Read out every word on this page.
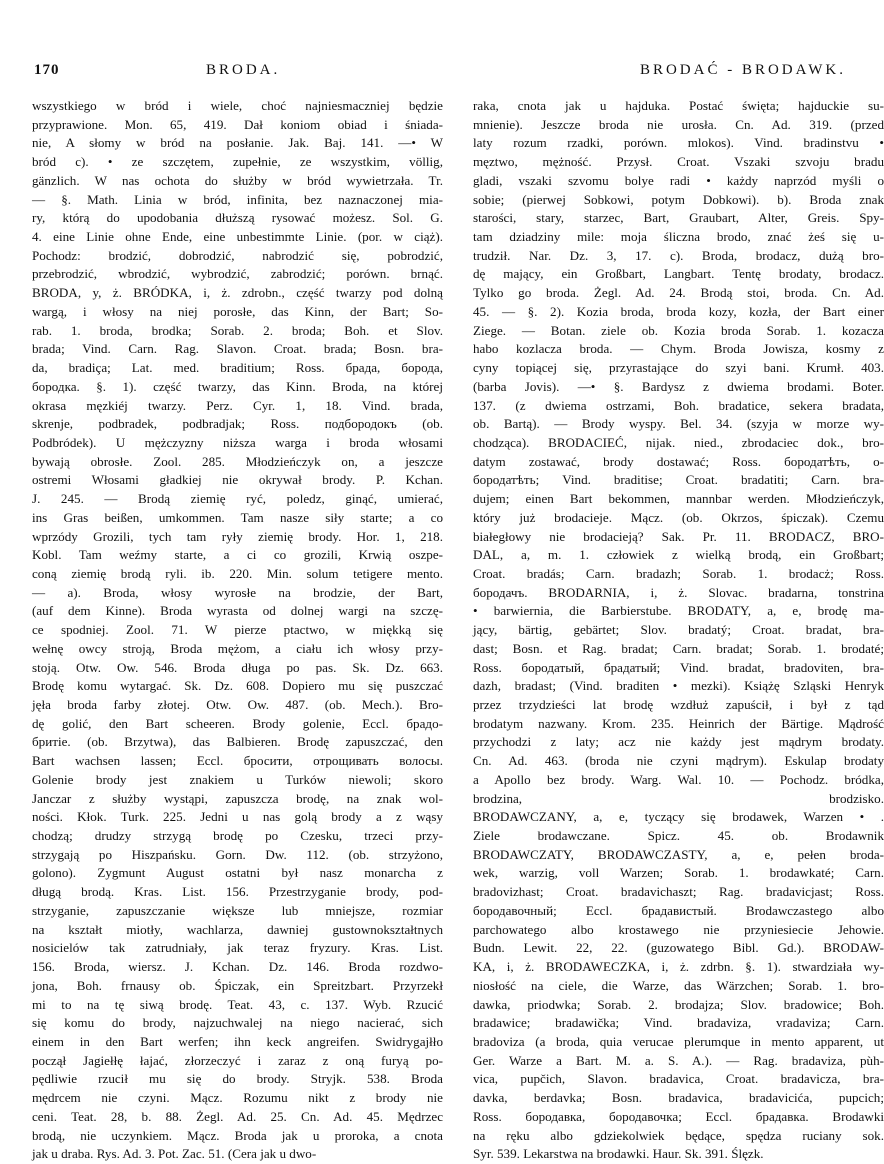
170	BRODA.	BRODAĆ - BRODAWK.
wszystkiego w bród i wiele, choć najniesmaczniej będzie
przyprawione. Mon. 65, 419. Dał koniom obiad i śniada-
nie, A słomy w bród na posłanie. Jak. Baj. 141. —• W
bród c). • ze szczętem, zupełnie, ze wszystkim, völlig,
gänzlich. W nas ochota do służby w bród wywietrzała. Tr.
— §. Math. Linia w bród, infinita, bez naznaczonej mia-
ry, którą do upodobania dłuższą rysować możesz. Sol. G.
4. eine Linie ohne Ende, eine unbestimmte Linie. (por. w ciąż).
Pochodz: brodzić, dobrodzić, nabrodzić się, pobrodzić,
przebrodzić, wbrodzić, wybrodzić, zabrodzić; porówn. brnąć.
BRODA, y, ż. BRÓDKA, i, ż. zdrobn., część twarzy pod dolną
wargą, i włosy na niej porosłe, das Kinn, der Bart; So-
rab. 1. broda, brodka; Sorab. 2. broda; Boh. et Slov.
brada; Vind. Carn. Rag. Slavon. Croat. brada; Bosn. bra-
da, bradiça; Lat. med. braditium; Ross. брада, борода,
бородка. §. 1). część twarzy, das Kinn. Broda, na której
okrasa męzkiéj twarzy. Perz. Cyr. 1, 18. Vind. brada,
skrenje, podbradek, podbradjak; Ross. подбородокъ (ob.
Podbródek). U mężczyzny niższa warga i broda włosami
bywają obrosłe. Zool. 285. Młodzieńczyk on, a jeszcze
ostremi Włosami gładkiej nie okrywał brody. P. Kchan.
J. 245. — Brodą ziemię ryć, poledz, ginąć, umierać,
ins Gras beißen, umkommen. Tam nasze siły starte; a co
wprzódy Grozili, tych tam ryły ziemię brody. Hor. 1, 218.
Kobl. Tam weźmy starte, a ci co grozili, Krwią oszpe-
coną ziemię brodą ryli. ib. 220. Min. solum tetigere mento.
— a). Broda, włosy wyrosłe na brodzie, der Bart,
(auf dem Kinne). Broda wyrasta od dolnej wargi na szczę-
ce spodniej. Zool. 71. W pierze ptactwo, w miękką się
wełnę owcy stroją, Broda mężom, a ciału ich włosy przy-
stoją. Otw. Ow. 546. Broda długa po pas. Sk. Dz. 663.
Brodę komu wytargać. Sk. Dz. 608. Dopiero mu się puszczać
jęła broda farby złotej. Otw. Ow. 487. (ob. Mech.). Bro-
dę golić, den Bart scheeren. Brody golenie, Eccl. брадо-
бритіе. (ob. Brzytwa), das Balbieren. Brodę zapuszczać, den
Bart wachsen lassen; Eccl. бросити, отрощивать волосы.
Golenie brody jest znakiem u Turków niewoli; skoro
Janczar z służby wystąpi, zapuszcza brodę, na znak wol-
ności. Kłok. Turk. 225. Jedni u nas golą brody a z wąsy
chodzą; drudzy strzygą brodę po Czesku, trzeci przy-
strzygają po Hiszpańsku. Gorn. Dw. 112. (ob. strzyżono,
golono). Zygmunt August ostatni był nasz monarcha z
długą brodą. Kras. List. 156. Przestrzyganie brody, pod-
strzyganie, zapuszczanie większe lub mniejsze, rozmiar
na kształt miotły, wachlarza, dawniej gustownokształtnych
nosicielów tak zatrudniały, jak teraz fryzury. Kras. List.
156. Broda, wiersz. J. Kchan. Dz. 146. Broda rozdwo-
jona, Boh. frnausy ob. Śpiczak, ein Spreitzbart. Przyrzekł
mi to na tę siwą brodę. Teat. 43, c. 137. Wyb. Rzucić
się komu do brody, najzuchwalej na niego nacierać, sich
einem in den Bart werfen; ihn keck angreifen. Swidrygajłło
począł Jagiełłę łajać, złorzeczyć i zaraz z oną furyą po-
pędliwie rzucił mu się do brody. Stryjk. 538. Broda
mędrcem nie czyni. Mącz. Rozumu nikt z brody nie
ceni. Teat. 28, b. 88. Żegl. Ad. 25. Cn. Ad. 45. Mędrzec
brodą, nie uczynkiem. Mącz. Broda jak u proroka, a cnota
jak u draba. Rys. Ad. 3. Pot. Zac. 51. (Cera jak u dwo-
raka, cnota jak u hajduka. Postać święta; hajduckie su-
mnienie). Jeszcze broda nie urosła. Cn. Ad. 319. (przed
laty rozum rzadki, porówn. mlokos). Vind. bradinstvu •
męztwo, mężność. Przysł. Croat. Vszaki szvoju bradu
gladi, vszaki szvomu bolye radi • każdy naprzód myśli o
sobie; (pierwej Sobkowi, potym Dobkowi). b). Broda znak
starości, stary, starzec, Bart, Graubart, Alter, Greis. Spy-
tam dziadziny mile: moja śliczna brodo, znać żeś się u-
trudził. Nar. Dz. 3, 17. c). Broda, brodacz, dużą bro-
dę mający, ein Großbart, Langbart. Tentę brodaty, brodacz.
Tylko go broda. Żegl. Ad. 24. Brodą stoi, broda. Cn. Ad.
45. — §. 2). Kozia broda, broda kozy, kozła, der Bart einer
Ziege. — Botan. ziele ob. Kozia broda Sorab. 1. kozacza
habo kozlacza broda. — Chym. Broda Jowisza, kosmy z
cyny topiącej się, przyrastające do szyi bani. Krumł. 403.
(barba Jovis). —• §. Bardysz z dwiema brodami. Boter.
137. (z dwiema ostrzami, Boh. bradatice, sekera bradata,
ob. Bartą). — Brody wyspy. Bel. 34. (szyja w morze wy-
chodząca). BRODACIEĆ, nijak. nied., zbrodaciec dok., bro-
datym zostawać, brody dostawać; Ross. бородатѣть, о-
бородатѣть; Vind. braditise; Croat. bradatiti; Carn. bra-
dujem; einen Bart bekommen, mannbar werden. Młodzieńczyk,
który już brodacieje. Mącz. (ob. Okrzos, śpiczak). Czemu
białegłowy nie brodacieją? Sak. Pr. 11. BRODACZ, BRO-
DAL, a, m. 1. człowiek z wielką brodą, ein Großbart;
Croat. bradás; Carn. bradazh; Sorab. 1. brodacż; Ross.
бородачъ. BRODARNIA, i, ż. Slovac. bradarna, tonstrina
• barwiernia, die Barbierstube. BRODATY, a, e, brodę ma-
jący, bärtig, gebärtet; Slov. bradatý; Croat. bradat, bra-
dast; Bosn. et Rag. bradat; Carn. bradat; Sorab. 1. brodaté;
Ross. бородатый, брадатый; Vind. bradat, bradoviten, bra-
dazh, bradast; (Vind. braditen • mezki). Książę Szląski Henryk
przez trzydzieści lat brodę wzdłuż zapuścił, i był z tąd
brodatym nazwany. Krom. 235. Heinrich der Bärtige. Mądrość
przychodzi z laty; acz nie każdy jest mądrym brodaty.
Cn. Ad. 463. (broda nie czyni mądrym). Eskulap brodaty
a Apollo bez brody. Warg. Wal. 10. — Pochodz. bródka,
brodzina, brodzisko.
BRODAWCZANY, a, e, tyczący się brodawek, Warzen • .
Ziele brodawczane. Spicz. 45. ob. Brodawnik
BRODAWCZATY, BRODAWCZASTY, a, e, pełen broda-
wek, warzig, voll Warzen; Sorab. 1. brodawkaté; Carn.
bradovizhast; Croat. bradavichaszt; Rag. bradavicjast; Ross.
бородавочный; Eccl. брадавистый. Brodawczastego albo
parchowatego albo krostawego nie przyniesiecie Jehowie.
Budn. Lewit. 22, 22. (guzowatego Bibl. Gd.). BRODAW-
KA, i, ż. BRODAWECZKA, i, ż. zdrbn. §. 1). stwardziała wy-
niosłość na ciele, die Warze, das Wärzchen; Sorab. 1. bro-
dawka, priodwka; Sorab. 2. brodajza; Slov. bradowice; Boh.
bradawice; bradawička; Vind. bradaviza, vradaviza; Carn.
bradoviza (a broda, quia verucae plerumque in mento apparent, ut
Ger. Warze a Bart. M. a. S. A.). — Rag. bradaviza, pùh-
vica, pupčich, Slavon. bradavica, Croat. bradavicza, bra-
davka, berdavka; Bosn. bradavica, bradavicića, pupcich;
Ross. бородавка, бородавочка; Eccl. брадавка. Brodawki
na ręku albo gdziekolwiek będące, spędza ruciany sok.
Syr. 539. Lekarstwa na brodawki. Haur. Sk. 391. Ślęzk.
